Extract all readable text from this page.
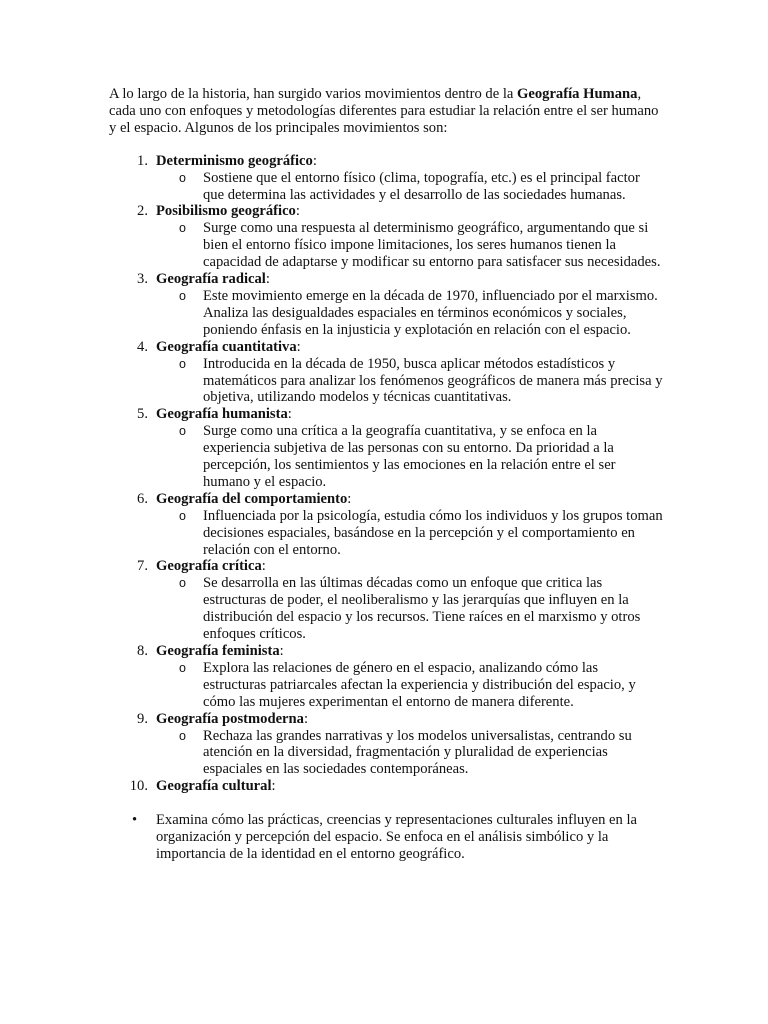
A lo largo de la historia, han surgido varios movimientos dentro de la Geografía Humana, cada uno con enfoques y metodologías diferentes para estudiar la relación entre el ser humano y el espacio. Algunos de los principales movimientos son:

1. Determinismo geográfico:
o Sostiene que el entorno físico (clima, topografía, etc.) es el principal factor que determina las actividades y el desarrollo de las sociedades humanas.
2. Posibilismo geográfico:
o Surge como una respuesta al determinismo geográfico, argumentando que si bien el entorno físico impone limitaciones, los seres humanos tienen la capacidad de adaptarse y modificar su entorno para satisfacer sus necesidades.
3. Geografía radical:
o Este movimiento emerge en la década de 1970, influenciado por el marxismo. Analiza las desigualdades espaciales en términos económicos y sociales, poniendo énfasis en la injusticia y explotación en relación con el espacio.
4. Geografía cuantitativa:
o Introducida en la década de 1950, busca aplicar métodos estadísticos y matemáticos para analizar los fenómenos geográficos de manera más precisa y objetiva, utilizando modelos y técnicas cuantitativas.
5. Geografía humanista:
o Surge como una crítica a la geografía cuantitativa, y se enfoca en la experiencia subjetiva de las personas con su entorno. Da prioridad a la percepción, los sentimientos y las emociones en la relación entre el ser humano y el espacio.
6. Geografía del comportamiento:
o Influenciada por la psicología, estudia cómo los individuos y los grupos toman decisiones espaciales, basándose en la percepción y el comportamiento en relación con el entorno.
7. Geografía crítica:
o Se desarrolla en las últimas décadas como un enfoque que critica las estructuras de poder, el neoliberalismo y las jerarquías que influyen en la distribución del espacio y los recursos. Tiene raíces en el marxismo y otros enfoques críticos.
8. Geografía feminista:
o Explora las relaciones de género en el espacio, analizando cómo las estructuras patriarcales afectan la experiencia y distribución del espacio, y cómo las mujeres experimentan el entorno de manera diferente.
9. Geografía postmoderna:
o Rechaza las grandes narrativas y los modelos universalistas, centrando su atención en la diversidad, fragmentación y pluralidad de experiencias espaciales en las sociedades contemporáneas.
10. Geografía cultural:
• Examina cómo las prácticas, creencias y representaciones culturales influyen en la organización y percepción del espacio. Se enfoca en el análisis simbólico y la importancia de la identidad en el entorno geográfico.
